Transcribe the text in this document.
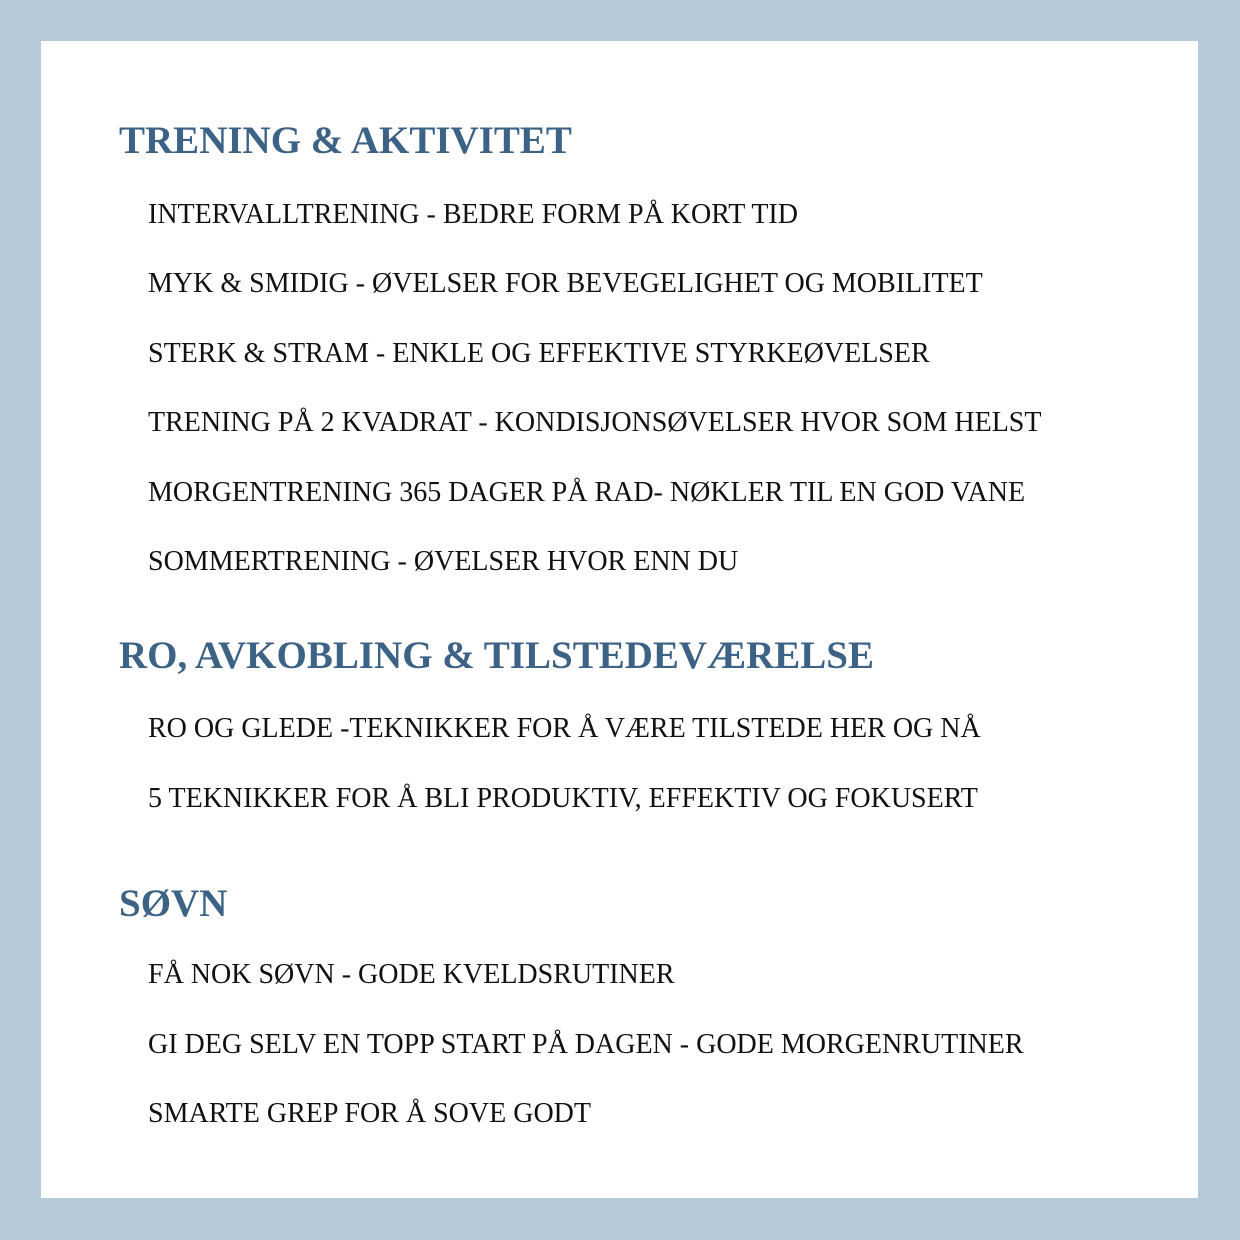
TRENING & AKTIVITET

INTERVALLTRENING - BEDRE FORM PÅ KORT TID

MYK & SMIDIG - ØVELSER FOR BEVEGELIGHET OG MOBILITET

STERK & STRAM - ENKLE OG EFFEKTIVE STYRKEØVELSER

TRENING PÅ 2 KVADRAT - KONDISJONSØVELSER HVOR SOM HELST

MORGENTRENING 365 DAGER PÅ RAD- NØKLER TIL EN GOD VANE

SOMMERTRENING - ØVELSER HVOR ENN DU

RO, AVKOBLING & TILSTEDEVÆRELSE

RO OG GLEDE -TEKNIKKER FOR Å VÆRE TILSTEDE HER OG NÅ

5 TEKNIKKER FOR Å BLI PRODUKTIV, EFFEKTIV OG FOKUSERT

SØVN

FÅ NOK SØVN - GODE KVELDSRUTINER

GI DEG SELV EN TOPP START PÅ DAGEN - GODE MORGENRUTINER

SMARTE GREP FOR Å SOVE GODT
